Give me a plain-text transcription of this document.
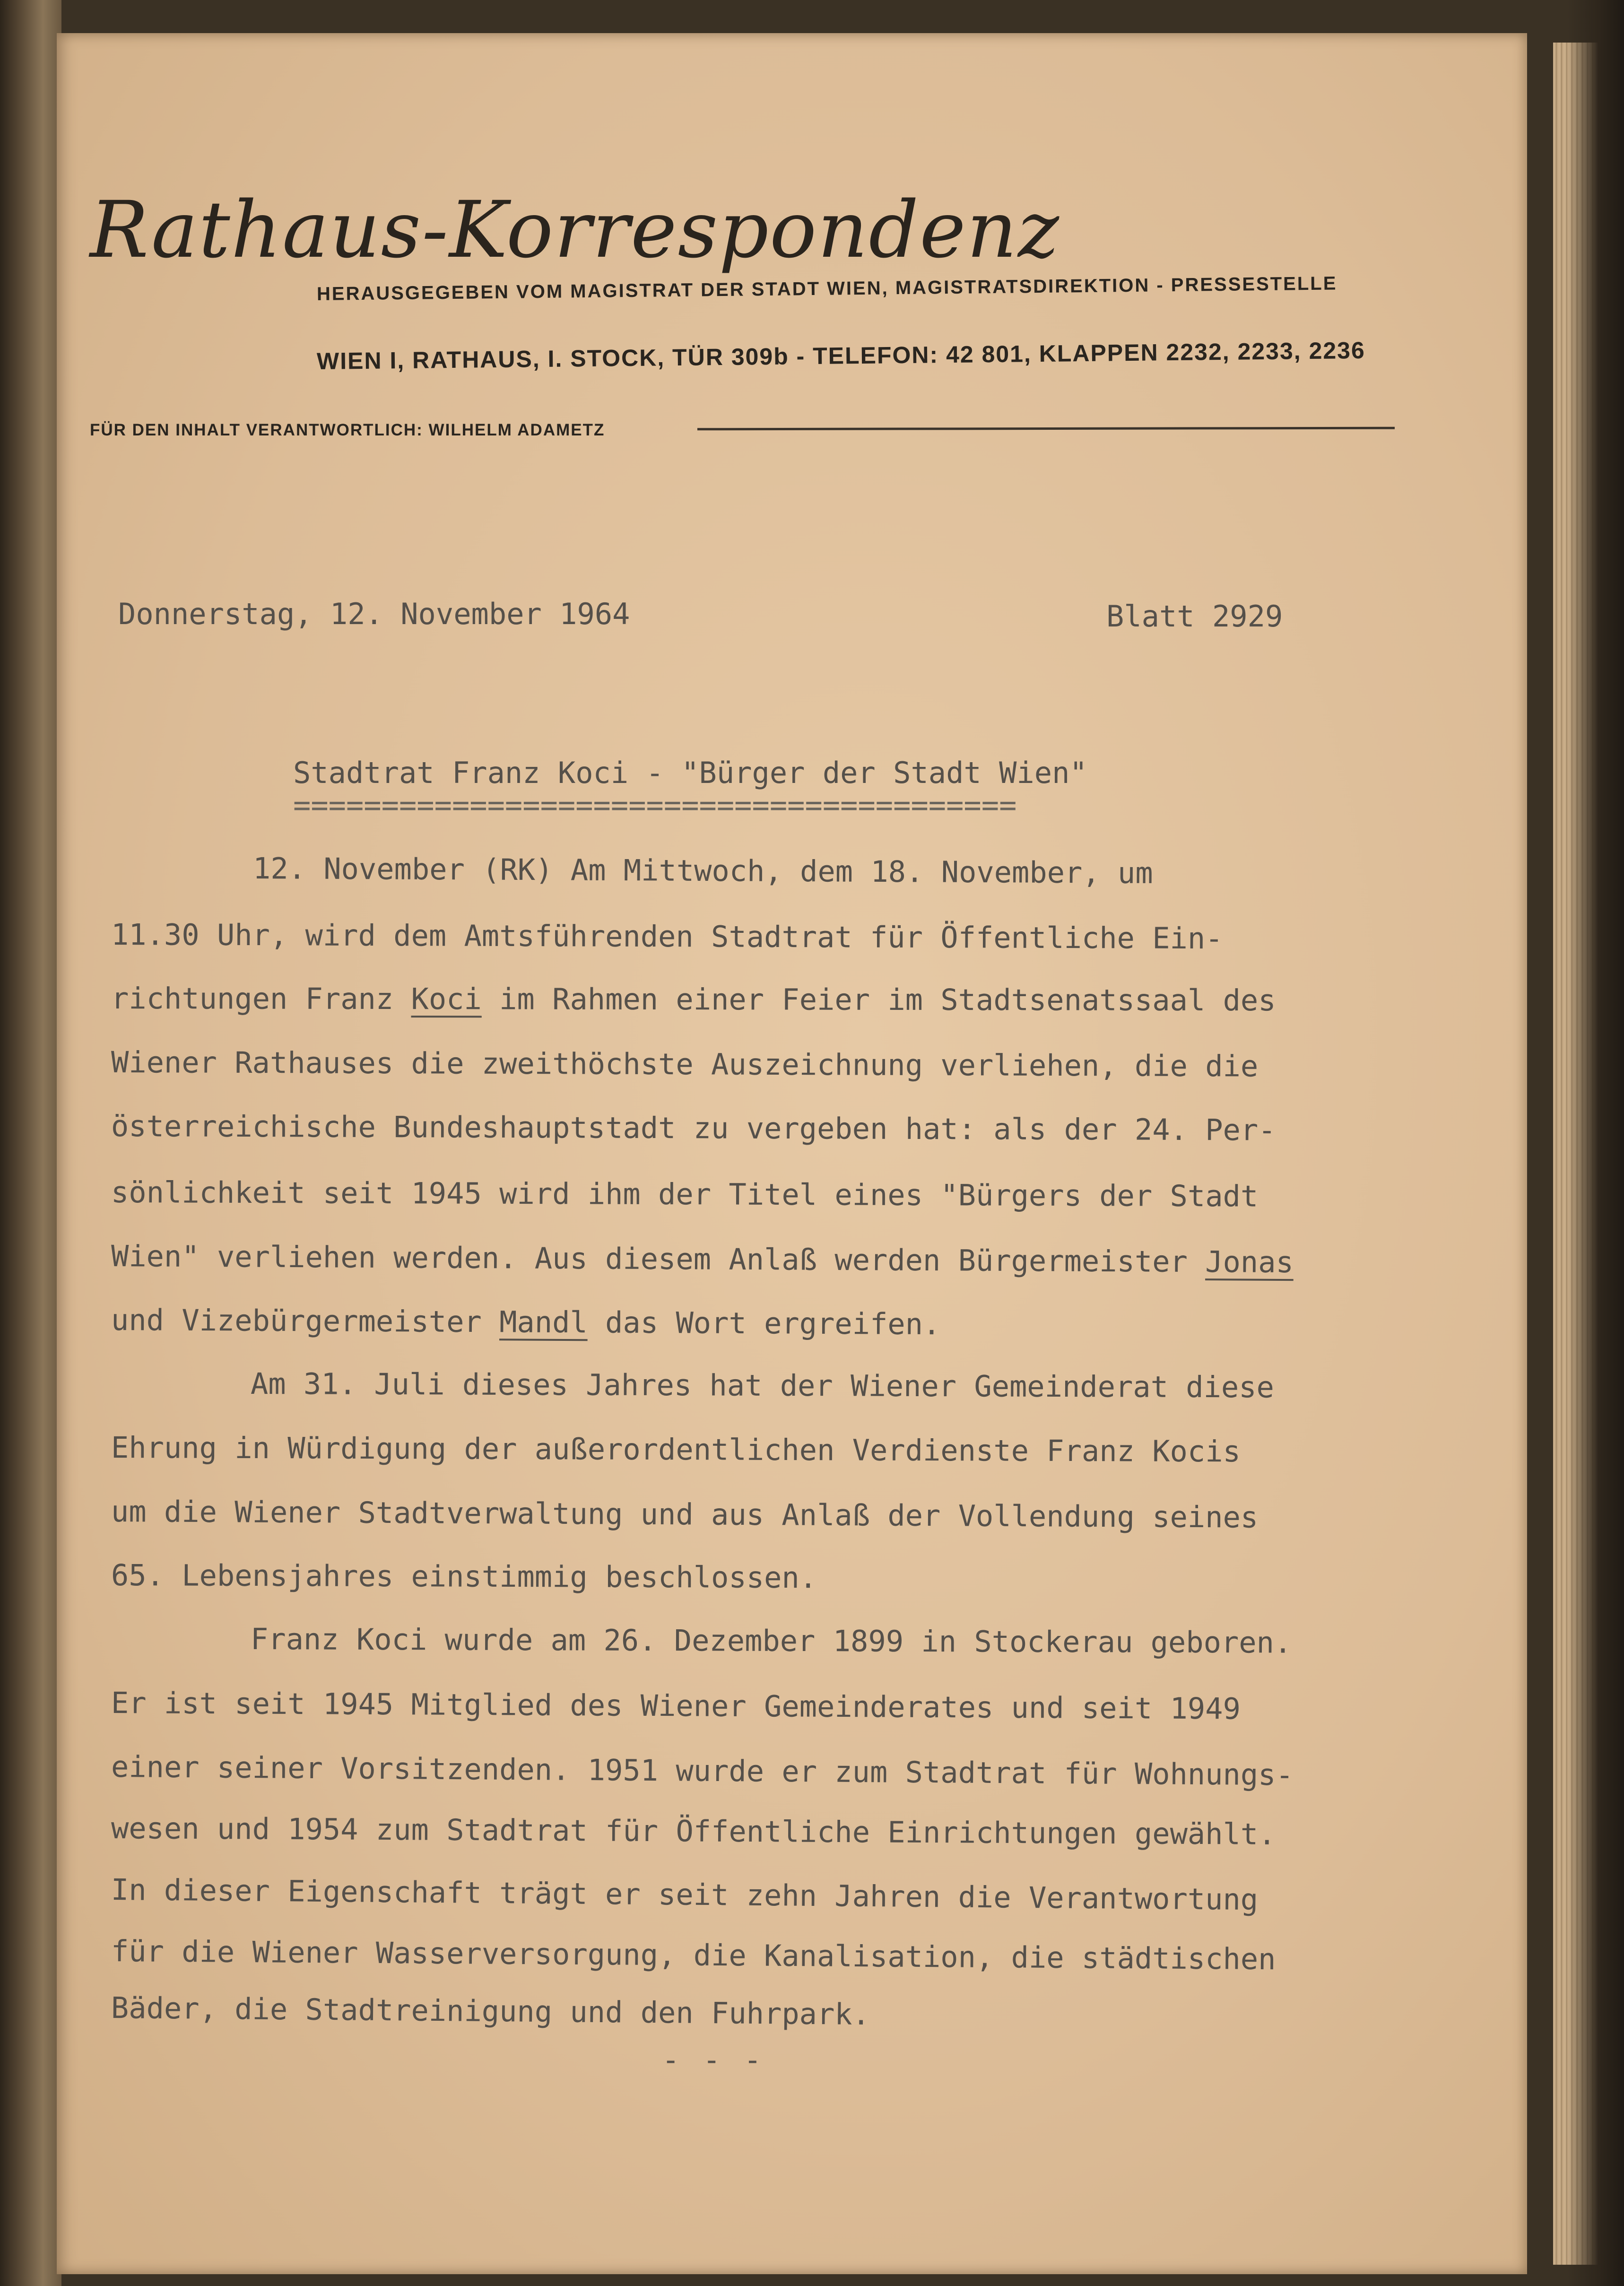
Rathaus-Korrespondenz
HERAUSGEGEBEN VOM MAGISTRAT DER STADT WIEN, MAGISTRATSDIREKTION - PRESSESTELLE
WIEN I, RATHAUS, I. STOCK, TÜR 309b - TELEFON: 42 801, KLAPPEN 2232, 2233, 2236
FÜR DEN INHALT VERANTWORTLICH: WILHELM ADAMETZ
Donnerstag, 12. November 1964	Blatt 2929
Stadtrat Franz Koci - "Bürger der Stadt Wien"
=========================================
12. November (RK) Am Mittwoch, dem 18. November, um
11.30 Uhr, wird dem Amtsführenden Stadtrat für Öffentliche Ein-
richtungen Franz Koci im Rahmen einer Feier im Stadtsenatssaal des
Wiener Rathauses die zweithöchste Auszeichnung verliehen, die die
österreichische Bundeshauptstadt zu vergeben hat: als der 24. Per-
sönlichkeit seit 1945 wird ihm der Titel eines "Bürgers der Stadt
Wien" verliehen werden. Aus diesem Anlaß werden Bürgermeister Jonas
und Vizebürgermeister Mandl das Wort ergreifen.
Am 31. Juli dieses Jahres hat der Wiener Gemeinderat diese
Ehrung in Würdigung der außerordentlichen Verdienste Franz Kocis
um die Wiener Stadtverwaltung und aus Anlaß der Vollendung seines
65. Lebensjahres einstimmig beschlossen.
Franz Koci wurde am 26. Dezember 1899 in Stockerau geboren.
Er ist seit 1945 Mitglied des Wiener Gemeinderates und seit 1949
einer seiner Vorsitzenden. 1951 wurde er zum Stadtrat für Wohnungs-
wesen und 1954 zum Stadtrat für Öffentliche Einrichtungen gewählt.
In dieser Eigenschaft trägt er seit zehn Jahren die Verantwortung
für die Wiener Wasserversorgung, die Kanalisation, die städtischen
Bäder, die Stadtreinigung und den Fuhrpark.
- - -
